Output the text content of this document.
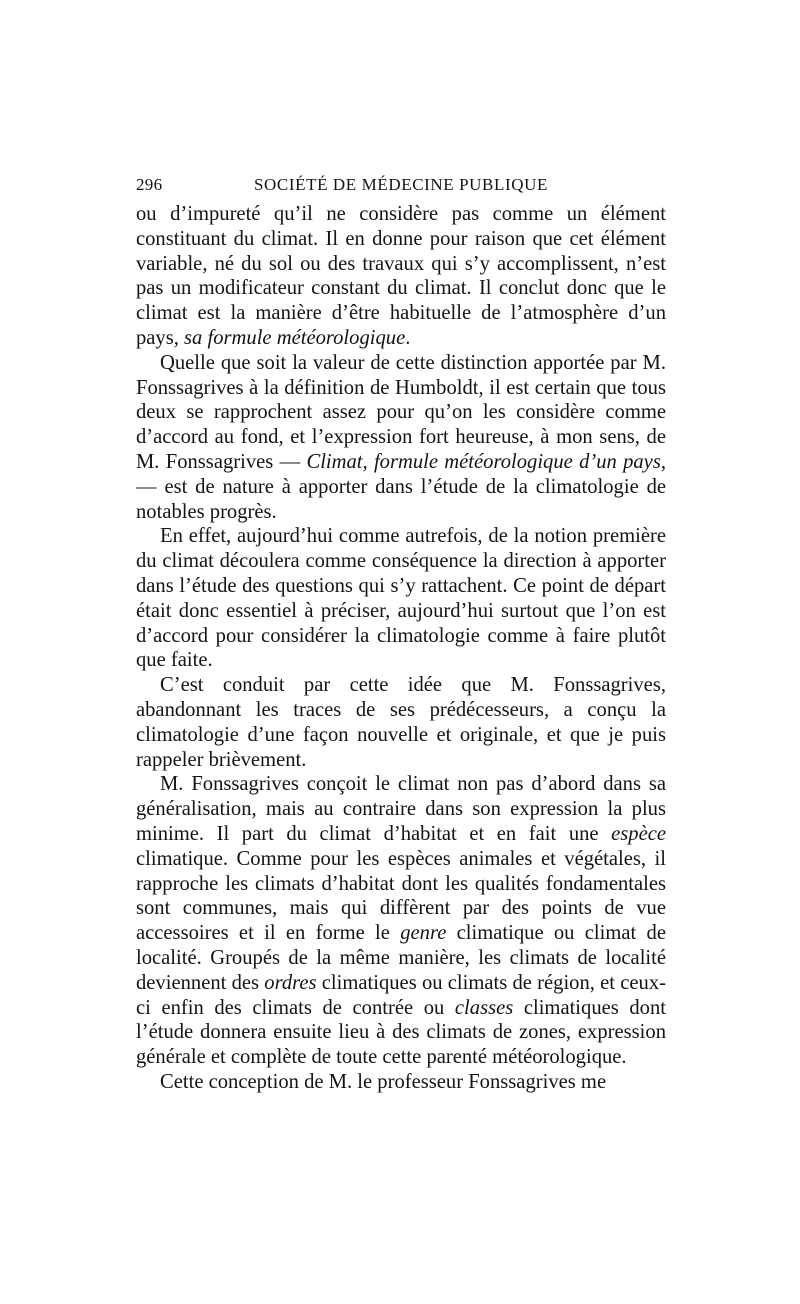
296	SOCIÉTÉ DE MÉDECINE PUBLIQUE

ou d’impureté qu’il ne considère pas comme un élément constituant du climat. Il en donne pour raison que cet élément variable, né du sol ou des travaux qui s’y accomplissent, n’est pas un modificateur constant du climat. Il conclut donc que le climat est la manière d’être habituelle de l’atmosphère d’un pays, sa formule météorologique.

Quelle que soit la valeur de cette distinction apportée par M. Fonssagrives à la définition de Humboldt, il est certain que tous deux se rapprochent assez pour qu’on les considère comme d’accord au fond, et l’expression fort heureuse, à mon sens, de M. Fonssagrives — Climat, formule météorologique d’un pays, — est de nature à apporter dans l’étude de la climatologie de notables progrès.

En effet, aujourd’hui comme autrefois, de la notion première du climat découlera comme conséquence la direction à apporter dans l’étude des questions qui s’y rattachent. Ce point de départ était donc essentiel à préciser, aujourd’hui surtout que l’on est d’accord pour considérer la climatologie comme à faire plutôt que faite.

C’est conduit par cette idée que M. Fonssagrives, abandonnant les traces de ses prédécesseurs, a conçu la climatologie d’une façon nouvelle et originale, et que je puis rappeler brièvement.

M. Fonssagrives conçoit le climat non pas d’abord dans sa généralisation, mais au contraire dans son expression la plus minime. Il part du climat d’habitat et en fait une espèce climatique. Comme pour les espèces animales et végétales, il rapproche les climats d’habitat dont les qualités fondamentales sont communes, mais qui diffèrent par des points de vue accessoires et il en forme le genre climatique ou climat de localité. Groupés de la même manière, les climats de localité deviennent des ordres climatiques ou climats de région, et ceux-ci enfin des climats de contrée ou classes climatiques dont l’étude donnera ensuite lieu à des climats de zones, expression générale et complète de toute cette parenté météorologique.

Cette conception de M. le professeur Fonssagrives me
